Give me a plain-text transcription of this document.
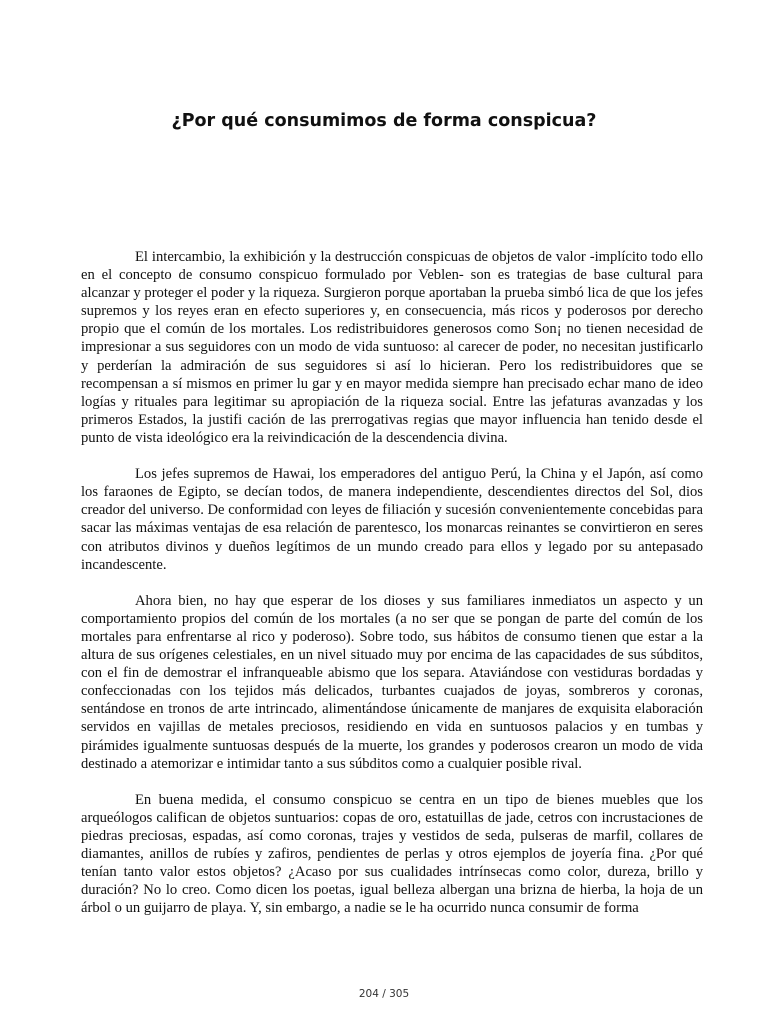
¿Por qué consumimos de forma conspicua?

El intercambio, la exhibición y la destrucción conspicuas de objetos de valor -implícito todo ello en el concepto de consumo conspicuo formulado por Veblen- son es trategias de base cultural para alcanzar y proteger el poder y la riqueza. Surgieron porque aportaban la prueba simbó lica de que los jefes supremos y los reyes eran en efecto superiores y, en consecuencia, más ricos y poderosos por derecho propio que el común de los mortales. Los redistribuidores generosos como Son¡ no tienen necesidad de impresionar a sus seguidores con un modo de vida suntuoso: al carecer de poder, no necesitan justificarlo y perderían la admiración de sus seguidores si así lo hicieran. Pero los redistribuidores que se recompensan a sí mismos en primer lu gar y en mayor medida siempre han precisado echar mano de ideo logías y rituales para legitimar su apropiación de la riqueza social. Entre las jefaturas avanzadas y los primeros Estados, la justifi cación de las prerrogativas regias que mayor influencia han tenido desde el punto de vista ideológico era la reivindicación de la descendencia divina.

Los jefes supremos de Hawai, los emperadores del antiguo Perú, la China y el Japón, así como los faraones de Egipto, se decían todos, de manera independiente, descendientes directos del Sol, dios creador del universo. De conformidad con leyes de filiación y sucesión convenientemente concebidas para sacar las máximas ventajas de esa relación de parentesco, los monarcas reinantes se convirtieron en seres con atributos divinos y dueños legítimos de un mundo creado para ellos y legado por su antepasado incandescente.

Ahora bien, no hay que esperar de los dioses y sus familiares inmediatos un aspecto y un comportamiento propios del común de los mortales (a no ser que se pongan de parte del común de los mortales para enfrentarse al rico y poderoso). Sobre todo, sus hábitos de consumo tienen que estar a la altura de sus orígenes celestiales, en un nivel situado muy por encima de las capacidades de sus súbditos, con el fin de demostrar el infranqueable abismo que los separa. Ataviándose con vestiduras bordadas y confeccionadas con los tejidos más delicados, turbantes cuajados de joyas, sombreros y coronas, sentándose en tronos de arte intrincado, alimentándose únicamente de manjares de exquisita elaboración servidos en vajillas de metales preciosos, residiendo en vida en suntuosos palacios y en tumbas y pirámides igualmente suntuosas después de la muerte, los grandes y poderosos crearon un modo de vida destinado a atemorizar e intimidar tanto a sus súbditos como a cualquier posible rival.

En buena medida, el consumo conspicuo se centra en un tipo de bienes muebles que los arqueólogos califican de objetos suntuarios: copas de oro, estatuillas de jade, cetros con incrustaciones de piedras preciosas, espadas, así como coronas, trajes y vestidos de seda, pulseras de marfil, collares de diamantes, anillos de rubíes y zafiros, pendientes de perlas y otros ejemplos de joyería fina. ¿Por qué tenían tanto valor estos objetos? ¿Acaso por sus cualidades intrínsecas como color, dureza, brillo y duración? No lo creo. Como dicen los poetas, igual belleza albergan una brizna de hierba, la hoja de un árbol o un guijarro de playa. Y, sin embargo, a nadie se le ha ocurrido nunca consumir de forma

204 / 305
